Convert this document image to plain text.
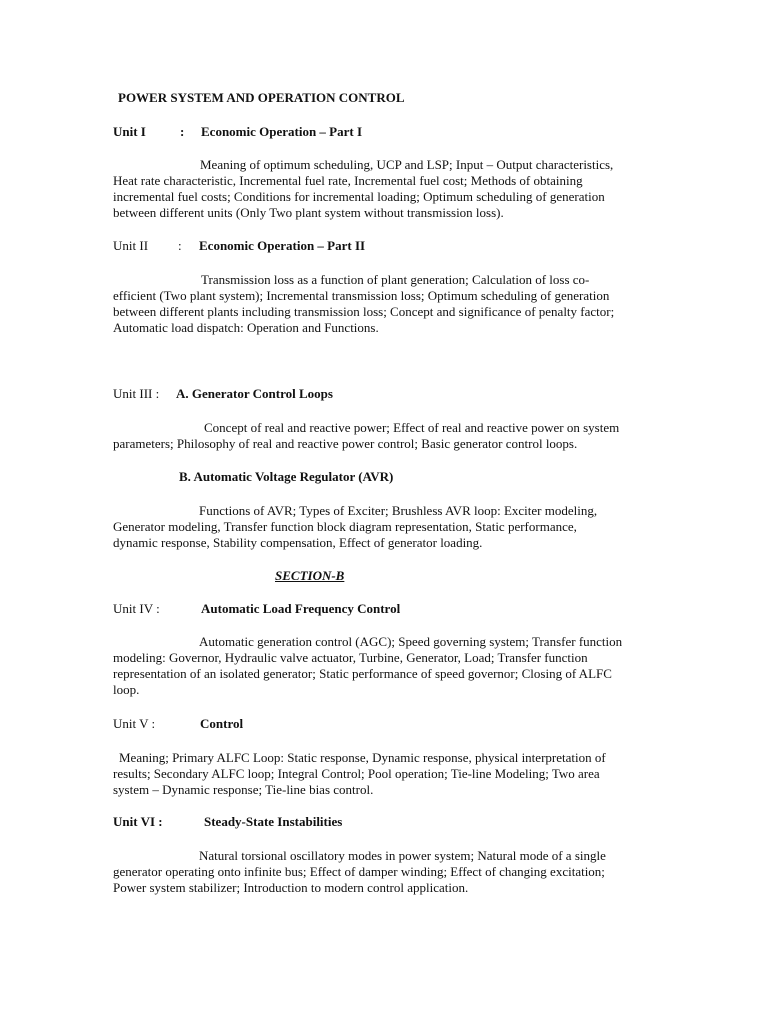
POWER SYSTEM AND OPERATION CONTROL
Unit I	: Economic Operation – Part I
Meaning of optimum scheduling, UCP and LSP; Input – Output characteristics,
Heat rate characteristic, Incremental fuel rate, Incremental fuel cost; Methods of obtaining
incremental fuel costs; Conditions for incremental loading; Optimum scheduling of generation
between different units (Only Two plant system without transmission loss).
Unit II : Economic Operation – Part II
Transmission loss as a function of plant generation; Calculation of loss co-
efficient (Two plant system); Incremental transmission loss; Optimum scheduling of generation
between different plants including transmission loss; Concept and significance of penalty factor;
Automatic load dispatch: Operation and Functions.
Unit III : A. Generator Control Loops
Concept of real and reactive power; Effect of real and reactive power on system
parameters; Philosophy of real and reactive power control; Basic generator control loops.
B. Automatic Voltage Regulator (AVR)
Functions of AVR; Types of Exciter; Brushless AVR loop: Exciter modeling,
Generator modeling, Transfer function block diagram representation, Static performance,
dynamic response, Stability compensation, Effect of generator loading.
SECTION-B
Unit IV :	Automatic Load Frequency Control
Automatic generation control (AGC); Speed governing system; Transfer function
modeling: Governor, Hydraulic valve actuator, Turbine, Generator, Load; Transfer function
representation of an isolated generator; Static performance of speed governor; Closing of ALFC
loop.
Unit V :	Control
Meaning; Primary ALFC Loop: Static response, Dynamic response, physical interpretation of
results; Secondary ALFC loop; Integral Control; Pool operation; Tie-line Modeling; Two area
system – Dynamic response; Tie-line bias control.
Unit VI :	Steady-State Instabilities
Natural torsional oscillatory modes in power system; Natural mode of a single
generator operating onto infinite bus; Effect of damper winding; Effect of changing excitation;
Power system stabilizer; Introduction to modern control application.
